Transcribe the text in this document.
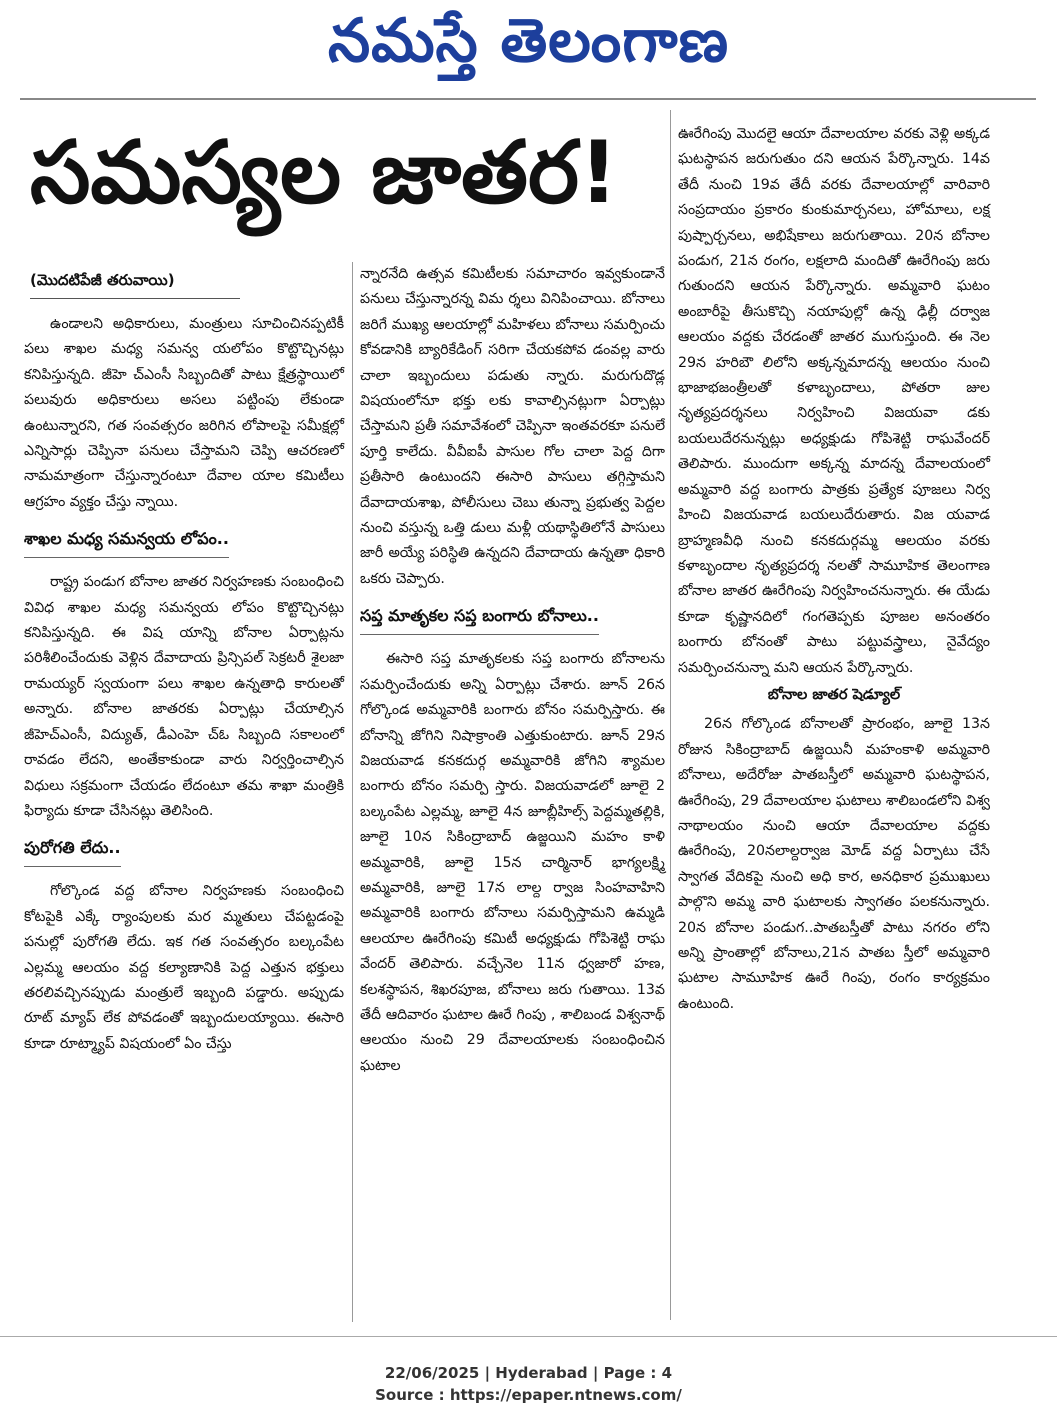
నమస్తే తెలంగాణ
సమస్యల జాతర!
(మొదటిపేజీ తరువాయి)

ఉండాలని అధికారులు, మంత్రులు సూచించినప్పటికీ పలు శాఖల మధ్య సమన్వ యలోపం కొట్టొచ్చినట్లు కనిపిస్తున్నది. జీహె చ్ఎంసీ సిబ్బందితో పాటు క్షేత్రస్థాయిలో పలువురు అధికారులు అసలు పట్టింపు లేకుండా ఉంటున్నారని, గత సంవత్సరం జరిగిన లోపాలపై సమీక్షల్లో ఎన్నిసార్లు చెప్పినా పనులు చేస్తామని చెప్పి ఆచరణలో నామమాత్రంగా చేస్తున్నారంటూ దేవాల యాల కమిటీలు ఆగ్రహం వ్యక్తం చేస్తు న్నాయి.

శాఖల మధ్య సమన్వయ లోపం..

రాష్ట్ర పండుగ బోనాల జాతర నిర్వహణకు సంబంధించి వివిధ శాఖల మధ్య సమన్వయ లోపం కొట్టొచ్చినట్లు కనిపిస్తున్నది. ఈ విష యాన్ని బోనాల ఏర్పాట్లను పరిశీలించేందుకు వెళ్లిన దేవాదాయ ప్రిన్సిపల్ సెక్రటరీ శైలజా రామయ్యర్ స్వయంగా పలు శాఖల ఉన్నతాధి కారులతో అన్నారు. బోనాల జాతరకు ఏర్పాట్లు చేయాల్సిన జీహెచ్ఎంసీ, విద్యుత్, డీఎంహె చ్ఓ సిబ్బంది సకాలంలో రావడం లేదని, అంతేకాకుండా వారు నిర్వర్తించాల్సిన విధులు సక్రమంగా చేయడం లేదంటూ తమ శాఖా మంత్రికి ఫిర్యాదు కూడా చేసినట్లు తెలిసింది.

పురోగతి లేదు..

గోల్కొండ వద్ద బోనాల నిర్వహణకు సంబంధించి కోటపైకి ఎక్కే ర్యాంపులకు మర మ్మతులు చేపట్టడంపై పనుల్లో పురోగతి లేదు. ఇక గత సంవత్సరం బల్కంపేట ఎల్లమ్మ ఆలయం వద్ద కల్యాణానికి పెద్ద ఎత్తున భక్తులు తరలివచ్చినప్పుడు మంత్రులే ఇబ్బంది పడ్డారు. అప్పుడు రూట్ మ్యాప్ లేక పోవడంతో ఇబ్బందులయ్యాయి. ఈసారి కూడా రూట్మ్యాప్ విషయంలో ఏం చేస్తు

న్నారనేది ఉత్సవ కమిటీలకు సమాచారం ఇవ్వకుండానే పనులు చేస్తున్నారన్న విమ ర్శలు వినిపించాయి. బోనాలు జరిగే ముఖ్య ఆలయాల్లో మహిళలు బోనాలు సమర్పించు కోవడానికి బ్యారికేడింగ్ సరిగా చేయకపోవ డంవల్ల వారు చాలా ఇబ్బందులు పడుతు న్నారు. మరుగుదొడ్ల విషయంలోనూ భక్తు లకు కావాల్సినట్లుగా ఏర్పాట్లు చేస్తామని ప్రతీ సమావేశంలో చెప్పినా ఇంతవరకూ పనులే పూర్తి కాలేదు. వీవీఐపీ పాసుల గోల చాలా పెద్ద దిగా ప్రతీసారి ఉంటుందని ఈసారి పాసులు తగ్గిస్తామని దేవాదాయశాఖ, పోలీసులు చెబు తున్నా ప్రభుత్వ పెద్దల నుంచి వస్తున్న ఒత్తి డులు మళ్లీ యథాస్థితిలోనే పాసులు జారీ అయ్యే పరిస్థితి ఉన్నదని దేవాదాయ ఉన్నతా ధికారి ఒకరు చెప్పారు.

సప్త మాతృకల సప్త బంగారు బోనాలు..

ఈసారి సప్త మాతృకలకు సప్త బంగారు బోనాలను సమర్పించేందుకు అన్ని ఏర్పాట్లు చేశారు. జూన్ 26న గోల్కొండ అమ్మవారికి బంగారు బోనం సమర్పిస్తారు. ఈ బోనాన్ని జోగిని నిషాక్రాంతి ఎత్తుకుంటారు. జూన్ 29న విజయవాడ కనకదుర్గ అమ్మవారికి జోగిని శ్యామల బంగారు బోనం సమర్పి స్తారు. విజయవాడలో జూలై 2 బల్కంపేట ఎల్లమ్మ, జూలై 4న జూబ్లీహిల్స్ పెద్దమ్మతల్లికి, జూలై 10న సికింద్రాబాద్ ఉజ్జయిని మహం కాళి అమ్మవారికి, జూలై 15న చార్మినార్ భాగ్యలక్ష్మి అమ్మవారికి, జూలై 17న లాల్ద ర్వాజ సింహవాహిని అమ్మవారికి బంగారు బోనాలు సమర్పిస్తామని ఉమ్మడి ఆలయాల ఊరేగింపు కమిటీ అధ్యక్షుడు గోపిశెట్టి రాఘ వేందర్ తెలిపారు. వచ్చేనెల 11న ధ్వజారో హణ, కలశస్థాపన, శిఖరపూజ, బోనాలు జరు గుతాయి. 13వ తేదీ ఆదివారం ఘటాల ఊరే గింపు , శాలిబండ విశ్వనాథ్ ఆలయం నుంచి 29 దేవాలయాలకు సంబంధించిన ఘటాల

ఊరేగింపు మొదలై ఆయా దేవాలయాల వరకు వెళ్లి అక్కడ ఘటస్థాపన జరుగుతుం దని ఆయన పేర్కొన్నారు. 14వ తేదీ నుంచి 19వ తేదీ వరకు దేవాలయాల్లో వారివారి సంప్రదాయం ప్రకారం కుంకుమార్చనలు, హోమాలు, లక్ష పుష్పార్చనలు, అభిషేకాలు జరుగుతాయి. 20న బోనాల పండుగ, 21న రంగం, లక్షలాది మందితో ఊరేగింపు జరు గుతుందని ఆయన పేర్కొన్నారు. అమ్మవారి ఘటం అంబారీపై తీసుకొచ్చి నయాపుల్లో ఉన్న ఢిల్లీ దర్వాజ ఆలయం వద్దకు చేరడంతో జాతర ముగుస్తుంది. ఈ నెల 29న హరిబౌ లిలోని అక్కన్నమాదన్న ఆలయం నుంచి భాజాభజంత్రీలతో కళాబృందాలు, పోతరా జుల నృత్యప్రదర్శనలు నిర్వహించి విజయవా డకు బయలుదేరనున్నట్లు అధ్యక్షుడు గోపిశెట్టి రాఘవేందర్ తెలిపారు. ముందుగా అక్కన్న మాదన్న దేవాలయంలో అమ్మవారి వద్ద బంగారు పాత్రకు ప్రత్యేక పూజలు నిర్వ హించి విజయవాడ బయలుదేరుతారు. విజ యవాడ బ్రాహ్మణవీధి నుంచి కనకదుర్గమ్మ ఆలయం వరకు కళాబృందాల నృత్యప్రదర్శ నలతో సామూహిక తెలంగాణ బోనాల జాతర ఊరేగింపు నిర్వహించనున్నారు. ఈ యేడు కూడా కృష్ణానదిలో గంగతెప్పకు పూజల అనంతరం బంగారు బోనంతో పాటు పట్టువస్త్రాలు, నైవేద్యం సమర్పించనున్నా మని ఆయన పేర్కొన్నారు.

బోనాల జాతర షెడ్యూల్

26న గోల్కొండ బోనాలతో ప్రారంభం, జూలై 13న రోజున సికింద్రాబాద్ ఉజ్జయినీ మహంకాళి అమ్మవారి బోనాలు, అదేరోజు పాతబస్తీలో అమ్మవారి ఘటస్థాపన, ఊరేగింపు, 29 దేవాలయాల ఘటాలు శాలిబండలోని విశ్వ నాథాలయం నుంచి ఆయా దేవాలయాల వద్దకు ఊరేగింపు, 20నలాల్దర్వాజ మోడ్ వద్ద ఏర్పాటు చేసే స్వాగత వేదికపై నుంచి అధి కార, అనధికార ప్రముఖులు పాల్గొని అమ్మ వారి ఘటాలకు స్వాగతం పలకనున్నారు. 20న బోనాల పండుగ..పాతబస్తీతో పాటు నగరం లోని అన్ని ప్రాంతాల్లో బోనాలు,21న పాతబ స్తీలో అమ్మవారి ఘటాల సామూహిక ఊరే గింపు, రంగం కార్యక్రమం ఉంటుంది.

22/06/2025 | Hyderabad | Page : 4
Source : https://epaper.ntnews.com/
